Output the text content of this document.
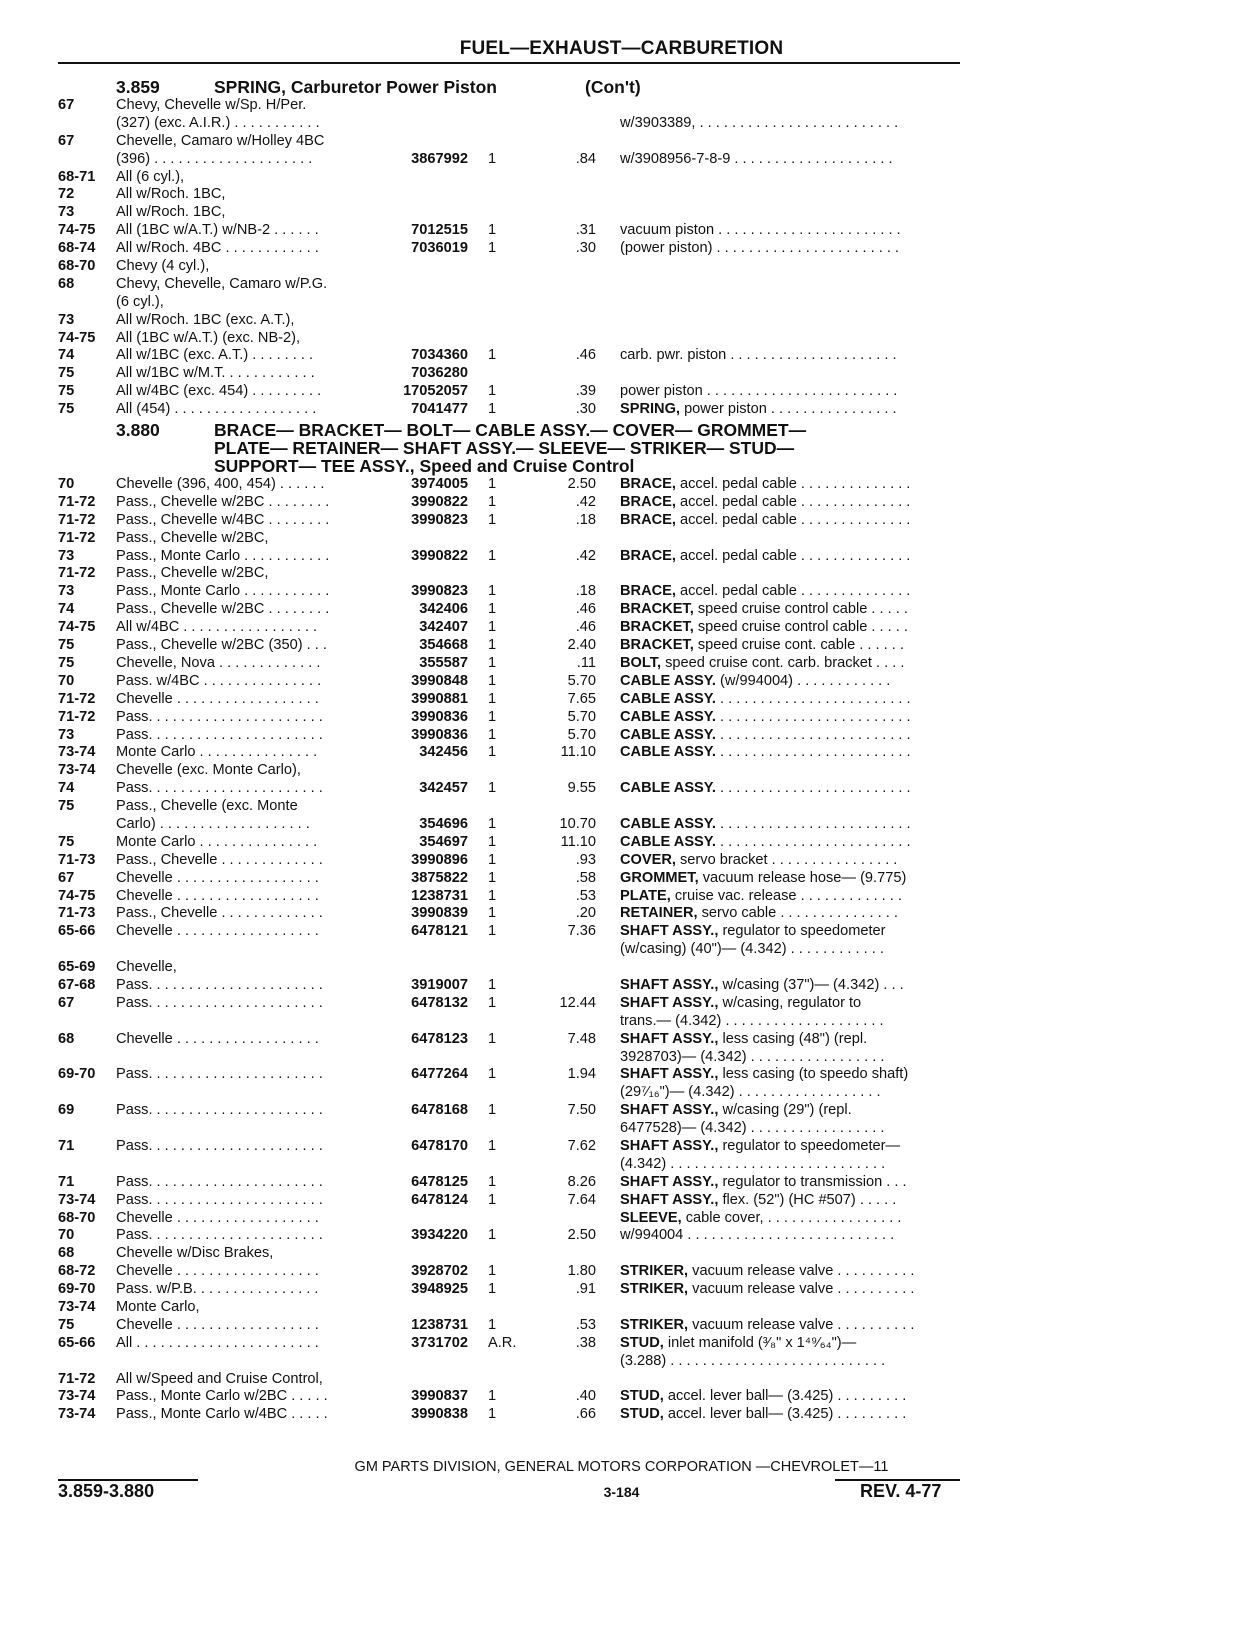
FUEL—EXHAUST—CARBURETION
3.859	SPRING, Carburetor Power Piston	(Con't)
67	Chevy, Chevelle w/Sp. H/Per.
(327) (exc. A.I.R.) . . . . . . . . . . .	w/3903389, . . . . . . . . . . . . . . . . . . . . . . . . .
67	Chevelle, Camaro w/Holley 4BC
(396) . . . . . . . . . . . . . . . . . . . .	3867992 1	.84 w/3908956-7-8-9 . . . . . . . . . . . . . . . . . . . .
68-71	All (6 cyl.),
72	All w/Roch. 1BC,
73	All w/Roch. 1BC,
74-75	All (1BC w/A.T.) w/NB-2 . . . . . .	7012515 1	.31 vacuum piston . . . . . . . . . . . . . . . . . . . . . . .
68-74	All w/Roch. 4BC . . . . . . . . . . . .	7036019 1	.30 (power piston) . . . . . . . . . . . . . . . . . . . . . . .
68-70	Chevy (4 cyl.),
68	Chevy, Chevelle, Camaro w/P.G.
(6 cyl.),
73	All w/Roch. 1BC (exc. A.T.),
74-75	All (1BC w/A.T.) (exc. NB-2),
74	All w/1BC (exc. A.T.) . . . . . . . .	7034360 1	.46 carb. pwr. piston . . . . . . . . . . . . . . . . . . . . .
75	All w/1BC w/M.T. . . . . . . . . . . .	7036280
75	All w/4BC (exc. 454) . . . . . . . . .	17052057 1	.39 power piston . . . . . . . . . . . . . . . . . . . . . . . .
75	All (454) . . . . . . . . . . . . . . . . . .	7041477 1	.30 SPRING, power piston . . . . . . . . . . . . . . . .
3.880	BRACE— BRACKET— BOLT— CABLE ASSY.— COVER— GROMMET—
PLATE— RETAINER— SHAFT ASSY.— SLEEVE— STRIKER— STUD—
SUPPORT— TEE ASSY., Speed and Cruise Control
70	Chevelle (396, 400, 454) . . . . . .	3974005 1	2.50 BRACE, accel. pedal cable . . . . . . . . . . . . . .
71-72	Pass., Chevelle w/2BC . . . . . . . .	3990822 1	.42 BRACE, accel. pedal cable . . . . . . . . . . . . . .
71-72	Pass., Chevelle w/4BC . . . . . . . .	3990823 1	.18 BRACE, accel. pedal cable . . . . . . . . . . . . . .
71-72	Pass., Chevelle w/2BC,
73	Pass., Monte Carlo . . . . . . . . . . .	3990822 1	.42 BRACE, accel. pedal cable . . . . . . . . . . . . . .
71-72	Pass., Chevelle w/2BC,
73	Pass., Monte Carlo . . . . . . . . . . .	3990823 1	.18 BRACE, accel. pedal cable . . . . . . . . . . . . . .
74	Pass., Chevelle w/2BC . . . . . . . .	342406 1	.46 BRACKET, speed cruise control cable . . . . .
74-75	All w/4BC . . . . . . . . . . . . . . . . .	342407 1	.46 BRACKET, speed cruise control cable . . . . .
75	Pass., Chevelle w/2BC (350) . . .	354668 1	2.40 BRACKET, speed cruise cont. cable . . . . . .
75	Chevelle, Nova . . . . . . . . . . . . .	355587 1	.11 BOLT, speed cruise cont. carb. bracket . . . .
70	Pass. w/4BC . . . . . . . . . . . . . . .	3990848 1	5.70 CABLE ASSY. (w/994004) . . . . . . . . . . . .
71-72	Chevelle . . . . . . . . . . . . . . . . . .	3990881 1	7.65 CABLE ASSY. . . . . . . . . . . . . . . . . . . . . . . . .
71-72	Pass. . . . . . . . . . . . . . . . . . . . . .	3990836 1	5.70 CABLE ASSY. . . . . . . . . . . . . . . . . . . . . . . . .
73	Pass. . . . . . . . . . . . . . . . . . . . . .	3990836 1	5.70 CABLE ASSY. . . . . . . . . . . . . . . . . . . . . . . . .
73-74	Monte Carlo . . . . . . . . . . . . . . .	342456 1	11.10 CABLE ASSY. . . . . . . . . . . . . . . . . . . . . . . . .
73-74	Chevelle (exc. Monte Carlo),
74	Pass. . . . . . . . . . . . . . . . . . . . . .	342457 1	9.55 CABLE ASSY. . . . . . . . . . . . . . . . . . . . . . . . .
75	Pass., Chevelle (exc. Monte
Carlo) . . . . . . . . . . . . . . . . . . .	354696 1	10.70 CABLE ASSY. . . . . . . . . . . . . . . . . . . . . . . . .
75	Monte Carlo . . . . . . . . . . . . . . .	354697 1	11.10 CABLE ASSY. . . . . . . . . . . . . . . . . . . . . . . . .
71-73	Pass., Chevelle . . . . . . . . . . . . .	3990896 1	.93 COVER, servo bracket . . . . . . . . . . . . . . . .
67	Chevelle . . . . . . . . . . . . . . . . . .	3875822 1	.58 GROMMET, vacuum release hose— (9.775)
74-75	Chevelle . . . . . . . . . . . . . . . . . .	1238731 1	.53 PLATE, cruise vac. release . . . . . . . . . . . . .
71-73	Pass., Chevelle . . . . . . . . . . . . .	3990839 1	.20 RETAINER, servo cable . . . . . . . . . . . . . . .
65-66	Chevelle . . . . . . . . . . . . . . . . . .	6478121 1	7.36 SHAFT ASSY., regulator to speedometer
(w/casing) (40")— (4.342) . . . . . . . . . . . .
65-69	Chevelle,
67-68	Pass. . . . . . . . . . . . . . . . . . . . . .	3919007 1	SHAFT ASSY., w/casing (37")— (4.342) . . .
67	Pass. . . . . . . . . . . . . . . . . . . . . .	6478132 1	12.44 SHAFT ASSY., w/casing, regulator to
trans.— (4.342) . . . . . . . . . . . . . . . . . . . .
68	Chevelle . . . . . . . . . . . . . . . . . .	6478123 1	7.48 SHAFT ASSY., less casing (48") (repl.
3928703)— (4.342) . . . . . . . . . . . . . . . . .
69-70	Pass. . . . . . . . . . . . . . . . . . . . . .	6477264 1	1.94 SHAFT ASSY., less casing (to speedo shaft)
(29⁷⁄₁₆")— (4.342) . . . . . . . . . . . . . . . . . .
69	Pass. . . . . . . . . . . . . . . . . . . . . .	6478168 1	7.50 SHAFT ASSY., w/casing (29") (repl.
6477528)— (4.342) . . . . . . . . . . . . . . . . .
71	Pass. . . . . . . . . . . . . . . . . . . . . .	6478170 1	7.62 SHAFT ASSY., regulator to speedometer—
(4.342) . . . . . . . . . . . . . . . . . . . . . . . . . . .
71	Pass. . . . . . . . . . . . . . . . . . . . . .	6478125 1	8.26 SHAFT ASSY., regulator to transmission . . .
73-74	Pass. . . . . . . . . . . . . . . . . . . . . .	6478124 1	7.64 SHAFT ASSY., flex. (52") (HC #507) . . . . .
68-70	Chevelle . . . . . . . . . . . . . . . . . .	SLEEVE, cable cover, . . . . . . . . . . . . . . . . .
70	Pass. . . . . . . . . . . . . . . . . . . . . .	3934220 1	2.50 w/994004 . . . . . . . . . . . . . . . . . . . . . . . . . .
68	Chevelle w/Disc Brakes,
68-72	Chevelle . . . . . . . . . . . . . . . . . .	3928702 1	1.80 STRIKER, vacuum release valve . . . . . . . . . .
69-70	Pass. w/P.B. . . . . . . . . . . . . . . .	3948925 1	.91 STRIKER, vacuum release valve . . . . . . . . . .
73-74	Monte Carlo,
75	Chevelle . . . . . . . . . . . . . . . . . .	1238731 1	.53 STRIKER, vacuum release valve . . . . . . . . . .
65-66	All . . . . . . . . . . . . . . . . . . . . . . .	3731702 A.R.	.38 STUD, inlet manifold (³⁄₈" x 1⁴⁹⁄₆₄")—
(3.288) . . . . . . . . . . . . . . . . . . . . . . . . . . .
71-72	All w/Speed and Cruise Control,
73-74	Pass., Monte Carlo w/2BC . . . . .	3990837 1	.40 STUD, accel. lever ball— (3.425) . . . . . . . . .
73-74	Pass., Monte Carlo w/4BC . . . . .	3990838 1	.66 STUD, accel. lever ball— (3.425) . . . . . . . . .
GM PARTS DIVISION, GENERAL MOTORS CORPORATION —CHEVROLET—11
3.859-3.880	3-184	REV. 4-77
